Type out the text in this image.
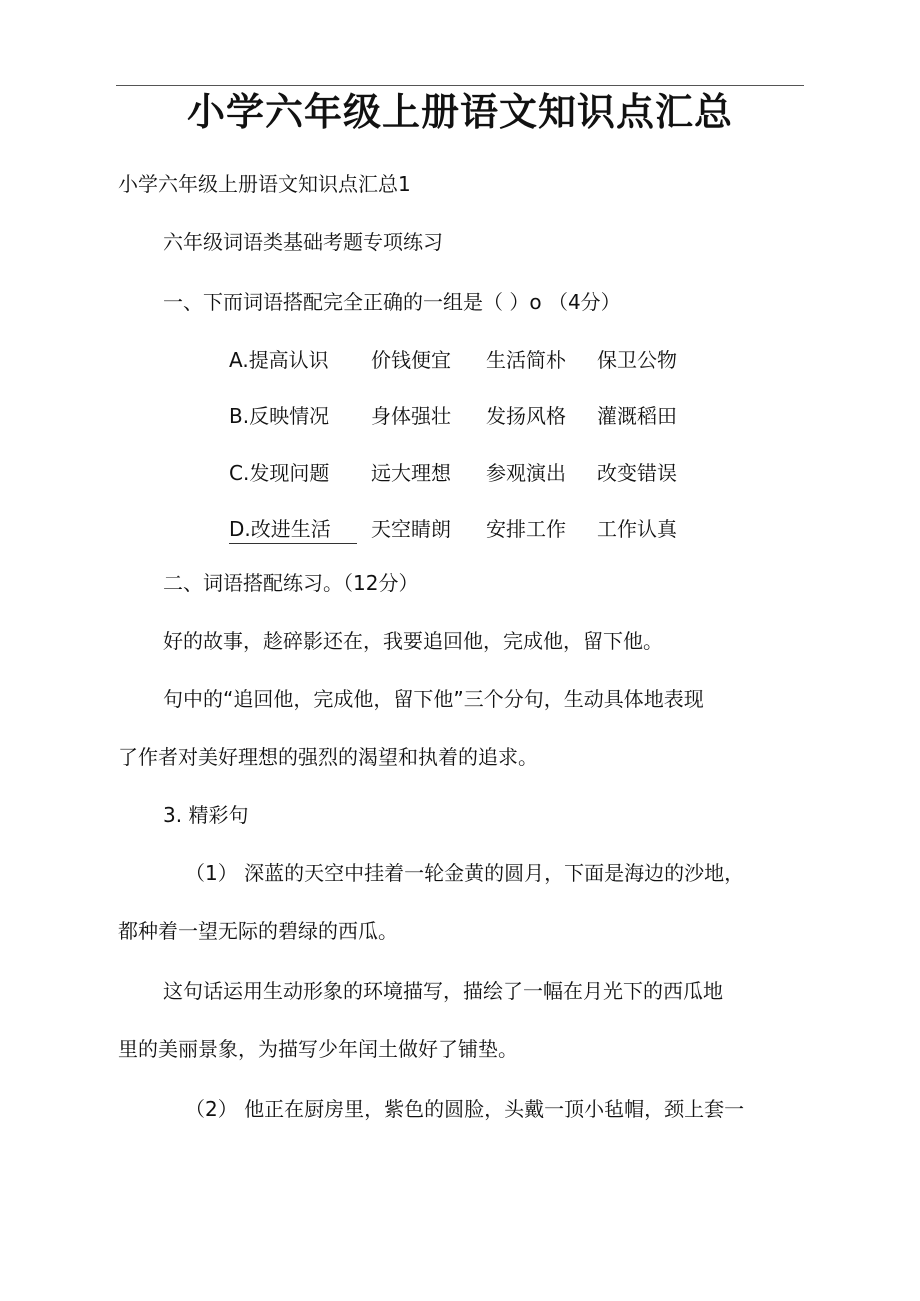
小学六年级上册语文知识点汇总
小学六年级上册语文知识点汇总1
六年级词语类基础考题专项练习
一、下而词语搭配完全正确的一组是（ ）o （4分）
A.提高认识 价钱便宜 生活简朴 保卫公物
B.反映情况 身体强壮 发扬风格 灌溉稻田
C.发现问题 远大理想 参观演出 改变错误
D.改进生活 天空睛朗 安排工作 工作认真
二、词语搭配练习。（12分）
好的故事，趁碎影还在，我要追回他，完成他，留下他。
句中的“追回他，完成他，留下他”三个分句，生动具体地表现
了作者对美好理想的强烈的渴望和执着的追求。
3. 精彩句
（1） 深蓝的天空中挂着一轮金黄的圆月，下面是海边的沙地，
都种着一望无际的碧绿的西瓜。
这句话运用生动形象的环境描写，描绘了一幅在月光下的西瓜地
里的美丽景象，为描写少年闰土做好了铺垫。
（2） 他正在厨房里，紫色的圆脸，头戴一顶小毡帽，颈上套一
